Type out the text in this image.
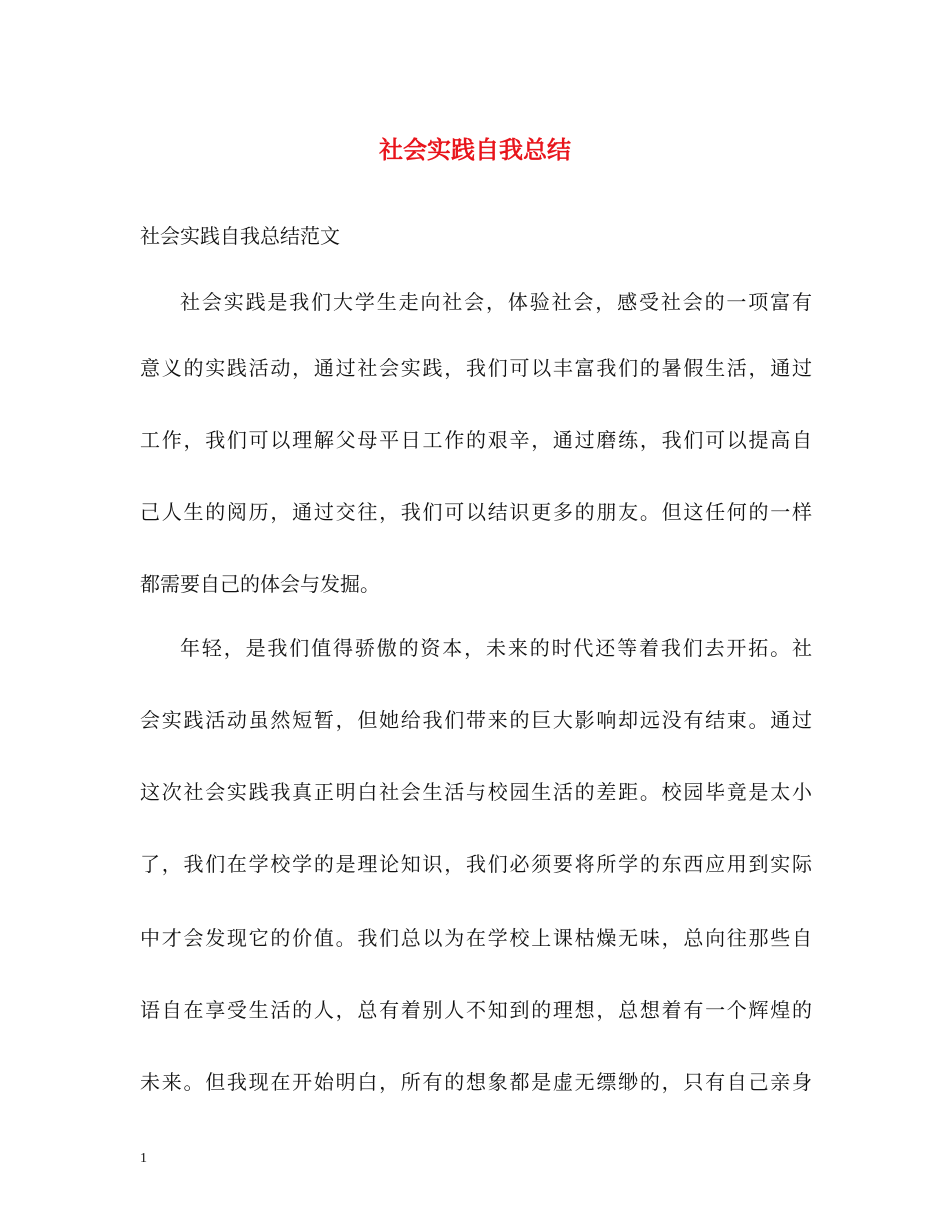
社会实践自我总结
社会实践自我总结范文
社会实践是我们大学生走向社会，体验社会，感受社会的一项富有
意义的实践活动，通过社会实践，我们可以丰富我们的暑假生活，通过
工作，我们可以理解父母平日工作的艰辛，通过磨练，我们可以提高自
己人生的阅历，通过交往，我们可以结识更多的朋友。但这任何的一样
都需要自己的体会与发掘。
年轻，是我们值得骄傲的资本，未来的时代还等着我们去开拓。社
会实践活动虽然短暂，但她给我们带来的巨大影响却远没有结束。通过
这次社会实践我真正明白社会生活与校园生活的差距。校园毕竟是太小
了，我们在学校学的是理论知识，我们必须要将所学的东西应用到实际
中才会发现它的价值。我们总以为在学校上课枯燥无味，总向往那些自
语自在享受生活的人，总有着别人不知到的理想，总想着有一个辉煌的
未来。但我现在开始明白，所有的想象都是虚无缥缈的，只有自己亲身
1
